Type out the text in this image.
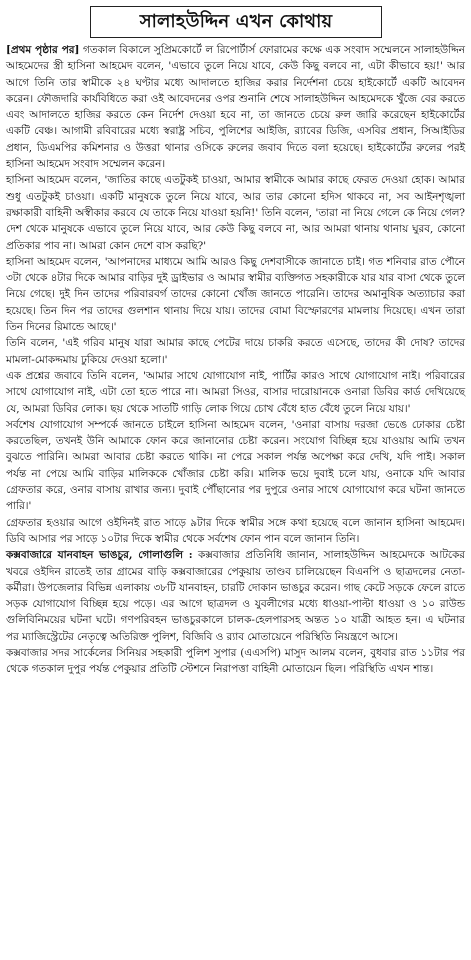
সালাহউদ্দিন এখন কোথায়

[প্রথম পৃষ্ঠার পর] গতকাল বিকালে সুপ্রিমকোর্টে ল রিপোর্টার্স ফোরামের কক্ষে এক সংবাদ সম্মেলনে সালাহউদ্দিন আহমেদের স্ত্রী হাসিনা আহমেদ বলেন, 'এভাবে তুলে নিয়ে যাবে, কেউ কিছু বলবে না, এটা কীভাবে হয়!' আর আগে তিনি তার স্বামীকে ২৪ ঘণ্টার মধ্যে আদালতে হাজির করার নির্দেশনা চেয়ে হাইকোর্টে একটি আবেদন করেন। ফৌজদারি কার্যবিধিতে করা ওই আবেদনের ওপর শুনানি শেষে সালাহউদ্দিন আহমেদকে খুঁজে বের করতে এবং আদালতে হাজির করতে কেন নির্দেশ দেওয়া হবে না, তা জানতে চেয়ে রুল জারি করেছেন হাইকোর্টের একটি বেঞ্চ। আগামী রবিবারের মধ্যে স্বরাষ্ট্র সচিব, পুলিশের আইজি, র‍্যাবের ডিজি, এসবির প্রধান, সিআইডির প্রধান, ডিএমপির কমিশনার ও উত্তরা থানার ওসিকে রুলের জবাব দিতে বলা হয়েছে। হাইকোর্টের রুলের পরই হাসিনা আহমেদ সংবাদ সম্মেলন করেন।

হাসিনা আহমেদ বলেন, 'জাতির কাছে এতটুকই চাওয়া, আমার স্বামীকে আমার কাছে ফেরত দেওয়া হোক। আমার শুধু এতটুকই চাওয়া। একটি মানুষকে তুলে নিয়ে যাবে, আর তার কোনো হদিস থাকবে না, সব আইনশৃঙ্খলা রক্ষাকারী বাহিনী অস্বীকার করবে যে তাকে নিয়ে যাওয়া হয়নি!' তিনি বলেন, 'তারা না নিয়ে গেলে কে নিয়ে গেল? দেশ থেকে মানুষকে এভাবে তুলে নিয়ে যাবে, আর কেউ কিছু বলবে না, আর আমরা থানায় থানায় ঘুরব, কোনো প্রতিকার পাব না। আমরা কোন দেশে বাস করছি?'

হাসিনা আহমেদ বলেন, 'আপনাদের মাধ্যমে আমি আরও কিছু দেশবাসীকে জানাতে চাই। গত শনিবার রাত পৌনে ৩টা থেকে ৪টার দিকে আমার বাড়ির দুই ড্রাইভার ও আমার স্বামীর ব্যক্তিগত সহকারীকে যার যার বাসা থেকে তুলে নিয়ে গেছে। দুই দিন তাদের পরিবারবর্গ তাদের কোনো খোঁজ জানতে পারেনি। তাদের অমানুষিক অত্যাচার করা হয়েছে। তিন দিন পর তাদের গুলশান থানায় দিয়ে যায়। তাদের বোমা বিস্ফোরণের মামলায় দিয়েছে। এখন তারা তিন দিনের রিমান্ডে আছে।'

তিনি বলেন, 'এই গরিব মানুষ যারা আমার কাছে পেটের দায়ে চাকরি করতে এসেছে, তাদের কী দোষ? তাদের মামলা-মোকদ্দমায় ঢুকিয়ে দেওয়া হলো।'

এক প্রশ্নের জবাবে তিনি বলেন, 'আমার সাথে যোগাযোগ নাই, পার্টির কারও সাথে যোগাযোগ নাই। পরিবারের সাথে যোগাযোগ নাই, এটা তো হতে পারে না। আমরা সিওর, বাসার দারোয়ানকে ওনারা ডিবির কার্ড দেখিয়েছে যে, আমরা ডিবির লোক। ছয় থেকে সাতটি গাড়ি লোক গিয়ে চোখ বেঁধে হাত বেঁধে তুলে নিয়ে যায়।'

সর্বশেষ যোগাযোগ সম্পর্কে জানতে চাইলে হাসিনা আহমেদ বলেন, 'ওনারা বাসায় দরজা ভেঙে ঢোকার চেষ্টা করতেছিল, তখনই উনি আমাকে ফোন করে জানানোর চেষ্টা করেন। সংযোগ বিচ্ছিন্ন হয়ে যাওয়ায় আমি তখন বুঝতে পারিনি। আমরা আবার চেষ্টা করতে থাকি। না পেরে সকাল পর্যন্ত অপেক্ষা করে দেখি, যদি পাই। সকাল পর্যন্ত না পেয়ে আমি বাড়ির মালিককে খোঁজার চেষ্টা করি। মালিক ভয়ে দুবাই চলে যায়, ওনাকে যদি আবার গ্রেফতার করে, ওনার বাসায় রাখার জন্য। দুবাই পৌঁছানোর পর দুপুরে ওনার সাথে যোগাযোগ করে ঘটনা জানতে পারি।'

গ্রেফতার হওয়ার আগে ওইদিনই রাত সাড়ে ৯টার দিকে স্বামীর সঙ্গে কথা হয়েছে বলে জানান হাসিনা আহমেদ। ডিবি আসার পর সাড়ে ১০টার দিকে স্বামীর থেকে সর্বশেষ ফোন পান বলে জানান তিনি।

কক্সবাজারে যানবাহন ভাঙচুর, গোলাগুলি : কক্সবাজার প্রতিনিধি জানান, সালাহউদ্দিন আহমেদকে আটকের খবরে ওইদিন রাতেই তার গ্রামের বাড়ি কক্সবাজারের পেকুয়ায় তাণ্ডব চালিয়েছেন বিএনপি ও ছাত্রদলের নেতা-কর্মীরা। উপজেলার বিভিন্ন এলাকায় ৩৮টি যানবাহন, চারটি দোকান ভাঙচুর করেন। গাছ কেটে সড়কে ফেলে রাতে সড়ক যোগাযোগ বিচ্ছিন্ন হয়ে পড়ে। এর আগে ছাত্রদল ও যুবলীগের মধ্যে ধাওয়া-পাল্টা ধাওয়া ও ১০ রাউন্ড গুলিবিনিময়ের ঘটনা ঘটে। গণপরিবহন ভাঙচুরকালে চালক-হেলপারসহ অন্তত ১০ যাত্রী আহত হন। এ ঘটনার পর ম্যাজিস্ট্রেটের নেতৃত্বে অতিরিক্ত পুলিশ, বিজিবি ও র‍্যাব মোতায়েনে পরিস্থিতি নিয়ন্ত্রণে আসে।

কক্সবাজার সদর সার্কেলের সিনিয়র সহকারী পুলিশ সুপার (এএসপি) মাসুদ আলম বলেন, বুধবার রাত ১১টার পর থেকে গতকাল দুপুর পর্যন্ত পেকুয়ার প্রতিটি স্টেশনে নিরাপত্তা বাহিনী মোতায়েন ছিল। পরিস্থিতি এখন শান্ত।
